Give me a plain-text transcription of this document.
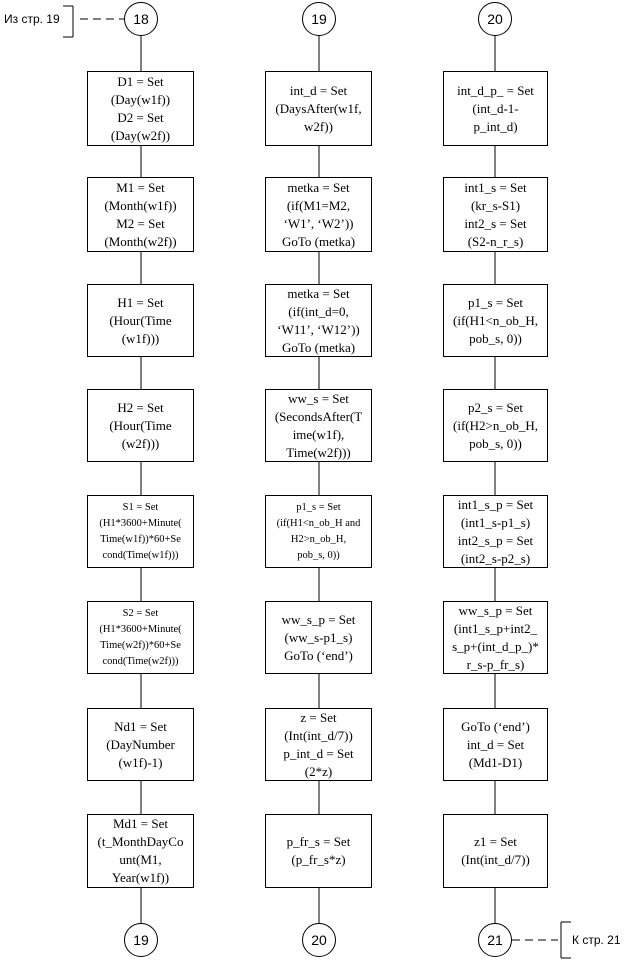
Из стр. 19
К стр. 21
18	19	20
19	20	21
D1 = Set
(Day(w1f))
D2 = Set
(Day(w2f))
M1 = Set
(Month(w1f))
M2 = Set
(Month(w2f))
H1 = Set
(Hour(Time
(w1f)))
H2 = Set
(Hour(Time
(w2f)))
S1 = Set
(H1*3600+Minute(
Time(w1f))*60+Se
cond(Time(w1f)))
S2 = Set
(H1*3600+Minute(
Time(w2f))*60+Se
cond(Time(w2f)))
Nd1 = Set
(DayNumber
(w1f)-1)
Md1 = Set
(t_MonthDayCo
unt(M1,
Year(w1f))
int_d = Set
(DaysAfter(w1f,
w2f))
metka = Set
(if(M1=M2,
‘W1’, ‘W2’))
GoTo (metka)
metka = Set
(if(int_d=0,
‘W11’, ‘W12’))
GoTo (metka)
ww_s = Set
(SecondsAfter(T
ime(w1f),
Time(w2f)))
p1_s = Set
(if(H1<n_ob_H and
H2>n_ob_H,
pob_s, 0))
ww_s_p = Set
(ww_s-p1_s)
GoTo (‘end’)
z = Set
(Int(int_d/7))
p_int_d = Set
(2*z)
p_fr_s = Set
(p_fr_s*z)
int_d_p_ = Set
(int_d-1-
p_int_d)
int1_s = Set
(kr_s-S1)
int2_s = Set
(S2-n_r_s)
p1_s = Set
(if(H1<n_ob_H,
pob_s, 0))
p2_s = Set
(if(H2>n_ob_H,
pob_s, 0))
int1_s_p = Set
(int1_s-p1_s)
int2_s_p = Set
(int2_s-p2_s)
ww_s_p = Set
(int1_s_p+int2_
s_p+(int_d_p_)*
r_s-p_fr_s)
GoTo (‘end’)
int_d = Set
(Md1-D1)
z1 = Set
(Int(int_d/7))
